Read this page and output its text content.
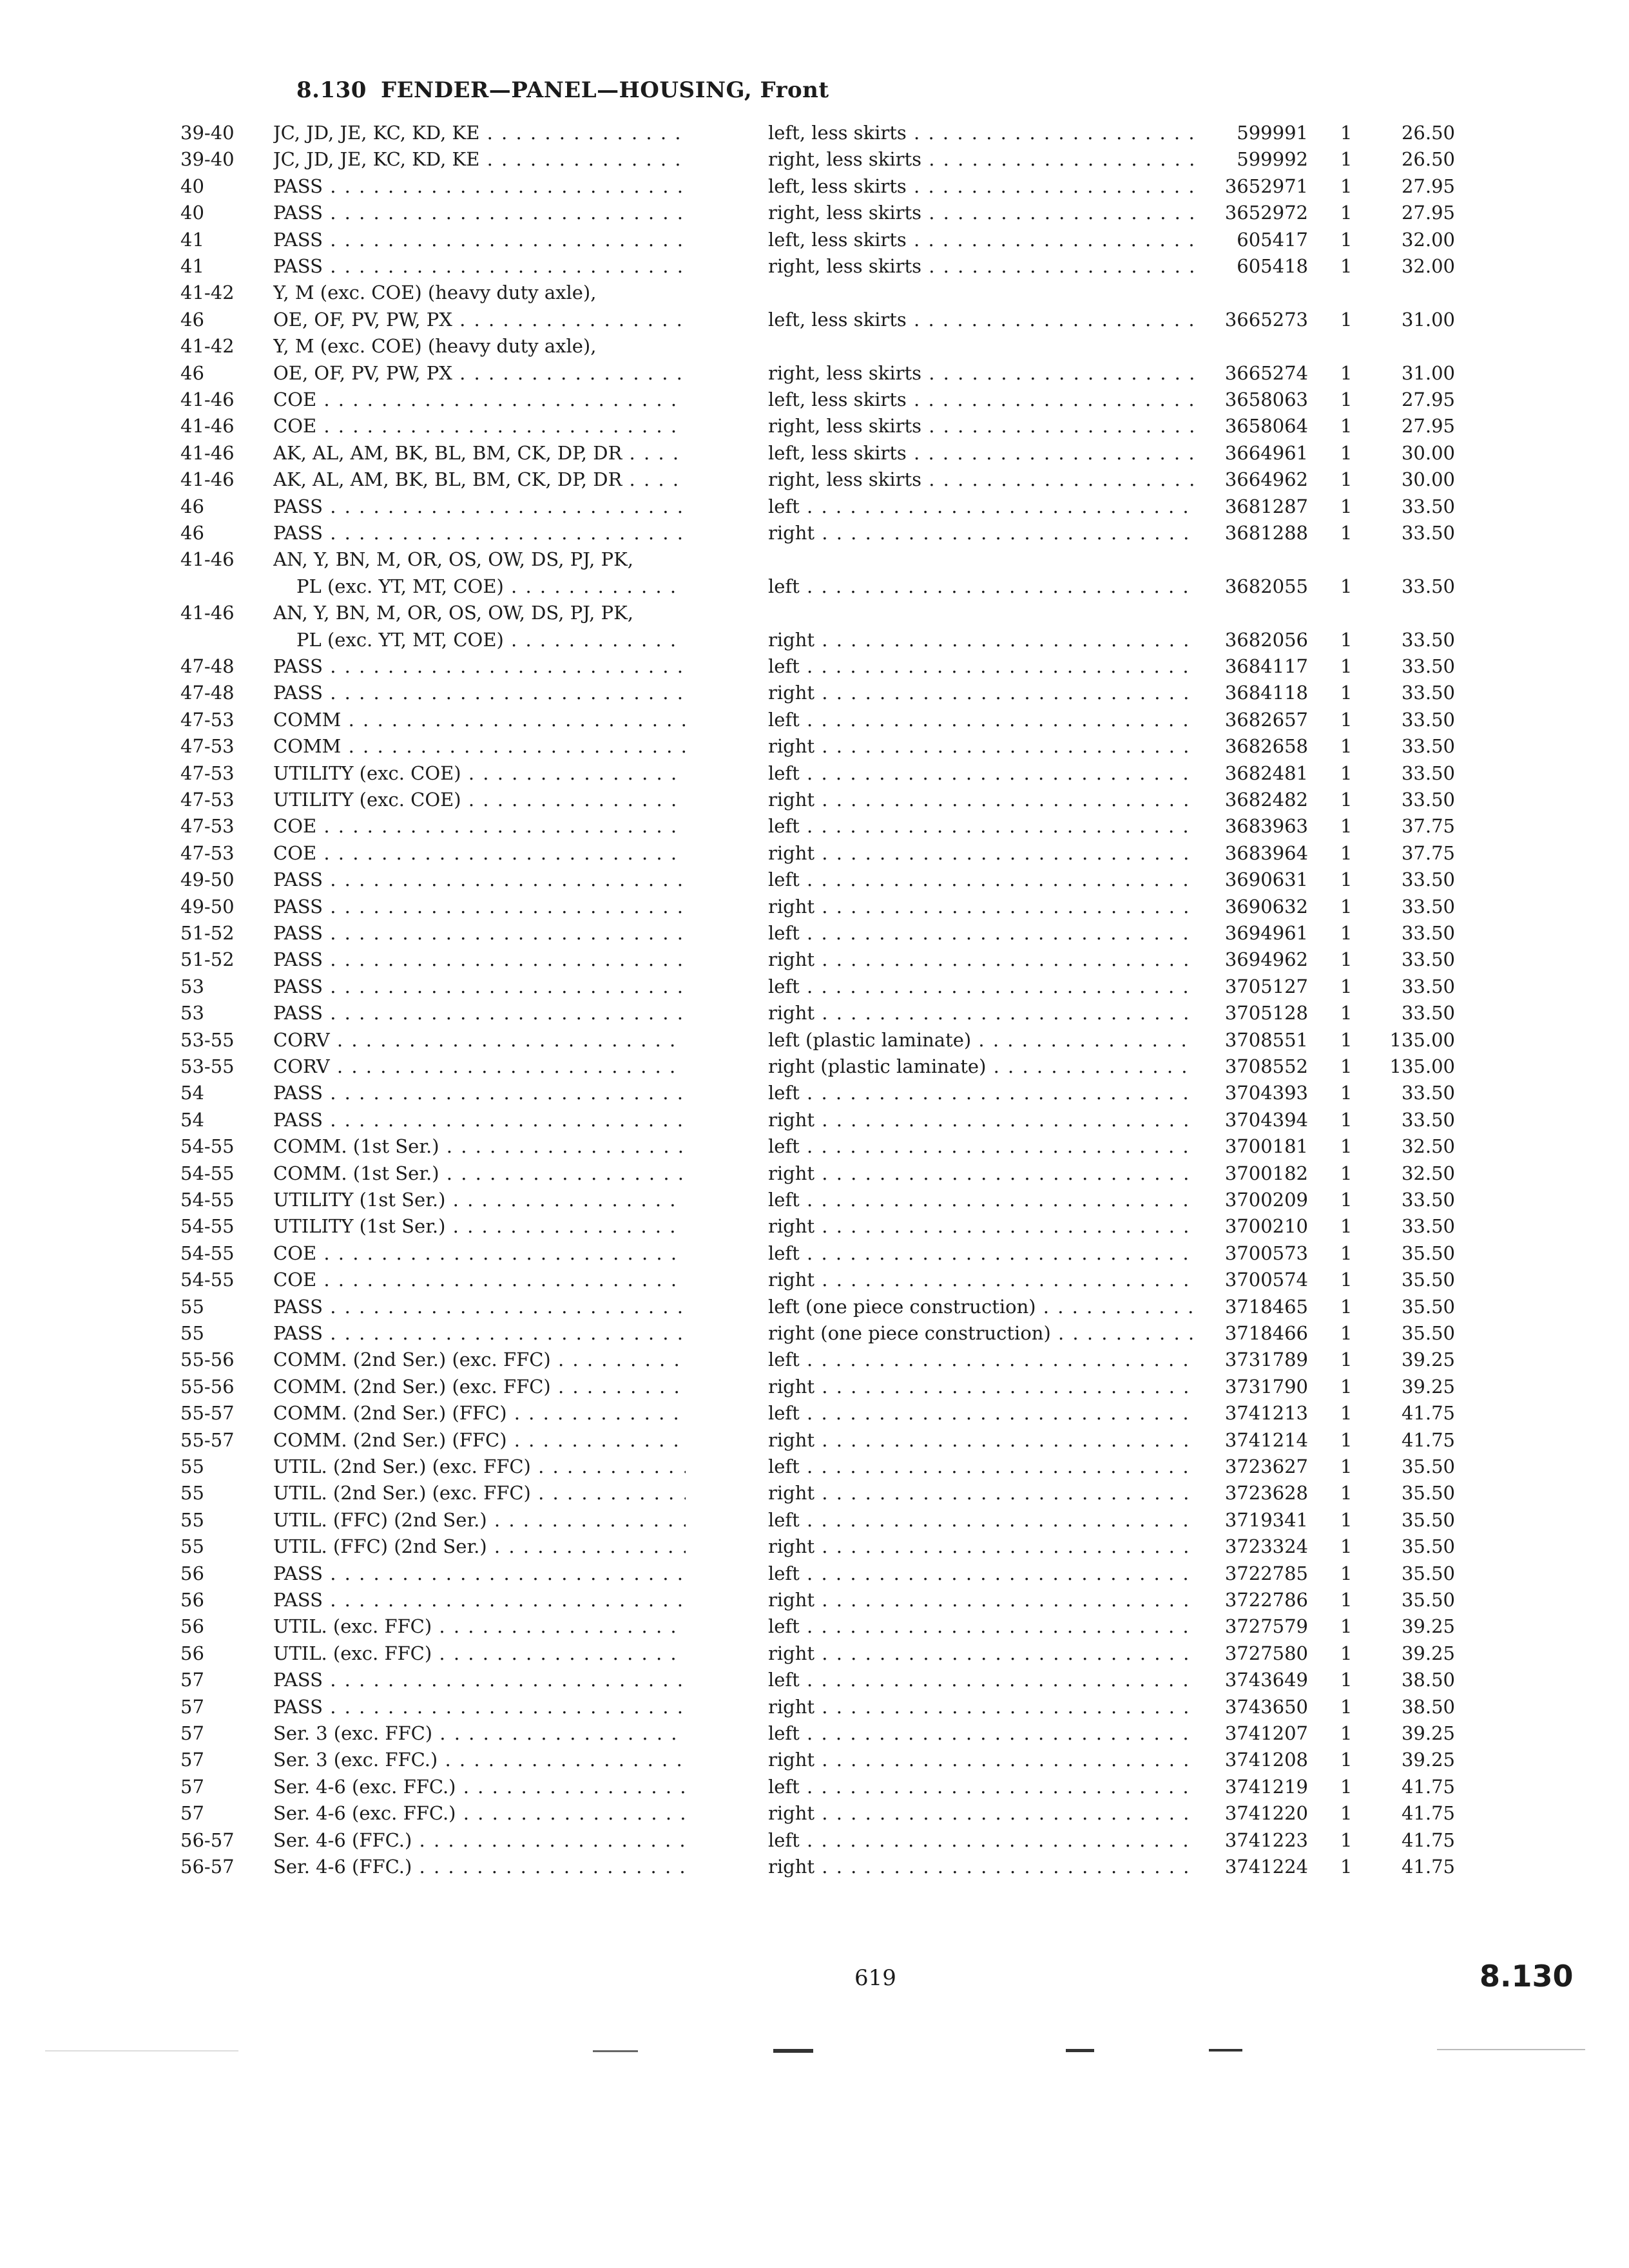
8.130 FENDER—PANEL—HOUSING, Front
39-40 JC, JD, JE, KC, KD, KE . . .	left, less skirts . . .	599991 1	26.50
39-40 JC, JD, JE, KC, KD, KE . . .	right, less skirts . . .	599992 1	26.50
40	PASS . . .	left, less skirts . . .	3652971 1	27.95
40	PASS . . .	right, less skirts . . .	3652972 1	27.95
41	PASS . . .	left, less skirts . . .	605417 1	32.00
41	PASS . . .	right, less skirts . . .	605418 1	32.00
41-42 Y, M (exc. COE) (heavy duty axle),
46	OE, OF, PV, PW, PX . . .	left, less skirts . . .	3665273 1	31.00
41-42 Y, M (exc. COE) (heavy duty axle),
46	OE, OF, PV, PW, PX . . .	right, less skirts . . .	3665274 1	31.00
41-46 COE . . .	left, less skirts . . .	3658063 1	27.95
41-46 COE . . .	right, less skirts . . .	3658064 1	27.95
41-46 AK, AL, AM, BK, BL, BM, CK, DP, DR . . .	left, less skirts . . .	3664961 1	30.00
41-46 AK, AL, AM, BK, BL, BM, CK, DP, DR . . .	right, less skirts . . .	3664962 1	30.00
46	PASS . . .	left . . .	3681287 1	33.50
46	PASS . . .	right . . .	3681288 1	33.50
41-46 AN, Y, BN, M, OR, OS, OW, DS, PJ, PK,
PL (exc. YT, MT, COE) . . .	left . . .	3682055 1	33.50
41-46 AN, Y, BN, M, OR, OS, OW, DS, PJ, PK,
PL (exc. YT, MT, COE) . . .	right . . .	3682056 1	33.50
47-48 PASS . . .	left . . .	3684117 1	33.50
47-48 PASS . . .	right . . .	3684118 1	33.50
47-53 COMM . . .	left . . .	3682657 1	33.50
47-53 COMM . . .	right . . .	3682658 1	33.50
47-53 UTILITY (exc. COE) . . .	left . . .	3682481 1	33.50
47-53 UTILITY (exc. COE) . . .	right . . .	3682482 1	33.50
47-53 COE . . .	left . . .	3683963 1	37.75
47-53 COE . . .	right . . .	3683964 1	37.75
49-50 PASS . . .	left . . .	3690631 1	33.50
49-50 PASS . . .	right . . .	3690632 1	33.50
51-52 PASS . . .	left . . .	3694961 1	33.50
51-52 PASS . . .	right . . .	3694962 1	33.50
53	PASS . . .	left . . .	3705127 1	33.50
53	PASS . . .	right . . .	3705128 1	33.50
53-55 CORV . . .	left (plastic laminate) . . .	3708551 1 135.00
53-55 CORV . . .	right (plastic laminate) . . .	3708552 1 135.00
54	PASS . . .	left . . .	3704393 1	33.50
54	PASS . . .	right . . .	3704394 1	33.50
54-55 COMM. (1st Ser.) . . .	left . . .	3700181 1	32.50
54-55 COMM. (1st Ser.) . . .	right . . .	3700182 1	32.50
54-55 UTILITY (1st Ser.) . . .	left . . .	3700209 1	33.50
54-55 UTILITY (1st Ser.) . . .	right . . .	3700210 1	33.50
54-55 COE . . .	left . . .	3700573 1	35.50
54-55 COE . . .	right . . .	3700574 1	35.50
55	PASS . . .	left (one piece construction) . . .	3718465 1	35.50
55	PASS . . .	right (one piece construction) . . .	3718466 1	35.50
55-56 COMM. (2nd Ser.) (exc. FFC) . . .	left . . .	3731789 1	39.25
55-56 COMM. (2nd Ser.) (exc. FFC) . . .	right . . .	3731790 1	39.25
55-57 COMM. (2nd Ser.) (FFC) . . .	left . . .	3741213 1	41.75
55-57 COMM. (2nd Ser.) (FFC) . . .	right . . .	3741214 1	41.75
55	UTIL. (2nd Ser.) (exc. FFC) . . .	left . . .	3723627 1	35.50
55	UTIL. (2nd Ser.) (exc. FFC) . . .	right . . .	3723628 1	35.50
55	UTIL. (FFC) (2nd Ser.) . . .	left . . .	3719341 1	35.50
55	UTIL. (FFC) (2nd Ser.) . . .	right . . .	3723324 1	35.50
56	PASS . . .	left . . .	3722785 1	35.50
56	PASS . . .	right . . .	3722786 1	35.50
56	UTIL. (exc. FFC) . . .	left . . .	3727579 1	39.25
56	UTIL. (exc. FFC) . . .	right . . .	3727580 1	39.25
57	PASS . . .	left . . .	3743649 1	38.50
57	PASS . . .	right . . .	3743650 1	38.50
57	Ser. 3 (exc. FFC) . . .	left . . .	3741207 1	39.25
57	Ser. 3 (exc. FFC.) . . .	right . . .	3741208 1	39.25
57	Ser. 4-6 (exc. FFC.) . . .	left . . .	3741219 1	41.75
57	Ser. 4-6 (exc. FFC.) . . .	right . . .	3741220 1	41.75
56-57 Ser. 4-6 (FFC.) . . .	left . . .	3741223 1	41.75
56-57 Ser. 4-6 (FFC.) . . .	right . . .	3741224 1	41.75
619	8.130
